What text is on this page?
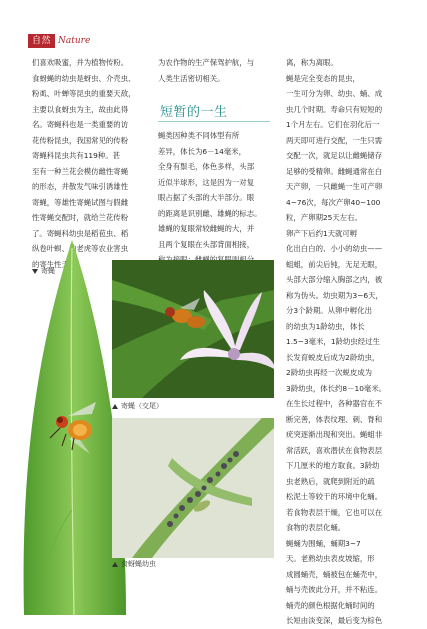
自然 Nature

们喜欢吸蜜，并为植物传粉。

食蚜蝇的幼虫是蚜虫、介壳虫、

粉虱、叶蝉等昆虫的重要天敌，

主要以食蚜虫为主，故由此得

名。寄蝇科也是一类重要的访

花传粉昆虫，我国常见的传粉

寄蝇科昆虫共有119种。甚

至有一种兰花会模仿雌性寄蝇

的形态，并散发气味引诱雄性

寄蝇，等雄性寄蝇试图与假雌

性寄蝇交配时，就给兰花传粉

了。寄蝇科幼虫是稻苞虫、稻

纵卷叶螟、地老虎等农业害虫

的寄生性天敌，

为农作物的生产保驾护航，与

人类生活密切相关。

短暂的一生

蝇类因种类不同体型有所

差异，体长为6－14毫米，

全身有鬃毛，体色多样，头部

近似半球形，这是因为一对复

眼占据了头部的大半部分。眼

的距离是识别雌、雄蝇的标志。

雄蝇的复眼常较雌蝇的大，并

且两个复眼在头部背面相接，

离，称为离眼。

蝇是完全变态的昆虫，

一生可分为卵、幼虫、蛹、成

虫几个时期。寿命只有短短的

1个月左右。它们在羽化后一

两天即可进行交配，一生只需

交配一次，就足以让雌蝇储存

足够的受精卵。雌蝇通常在白

天产卵，一只雌蝇一生可产卵

4~76次，每次产卵40~100

粒，产卵期25天左右。

卵产下后约1天就可孵

化出白白的、小小的幼虫——

蛆蛆，前尖后钝，无足无眼，

头部大部分缩入胸部之内，被

称为伪头。幼虫期为3~6天，

分3个龄期。从卵中孵化出

的幼虫为1龄幼虫，体长

1.5~3毫米，1龄幼虫经过生

长发育蜕皮后成为2龄幼虫，

2龄幼虫再经一次蜕皮成为

3龄幼虫，体长约8－10毫米。

在生长过程中，各种器官在不

断完善，体表纹理、刺、脊和

疣突逐渐出现和突出。蝇蛆非

常活跃，喜欢潜伏在食物表层

下几厘米的地方取食。3龄幼

虫老熟后，就爬到附近的疏

松泥土等较干的环境中化蛹。

若食物表层干燥，它也可以在

食物的表层化蛹。

蝇蛹为围蛹，蛹期3~7

天。老熟幼虫表皮坡缩，形

成圆蛹壳，蛹被包在蛹壳中，

蛹与壳彼此分开，并不粘连。

蛹壳的颜色根据化蛹时间的

长短由淡变深，最后变为棕色

寄蝇
寄蝇（交尾）
食蚜蝇幼虫
